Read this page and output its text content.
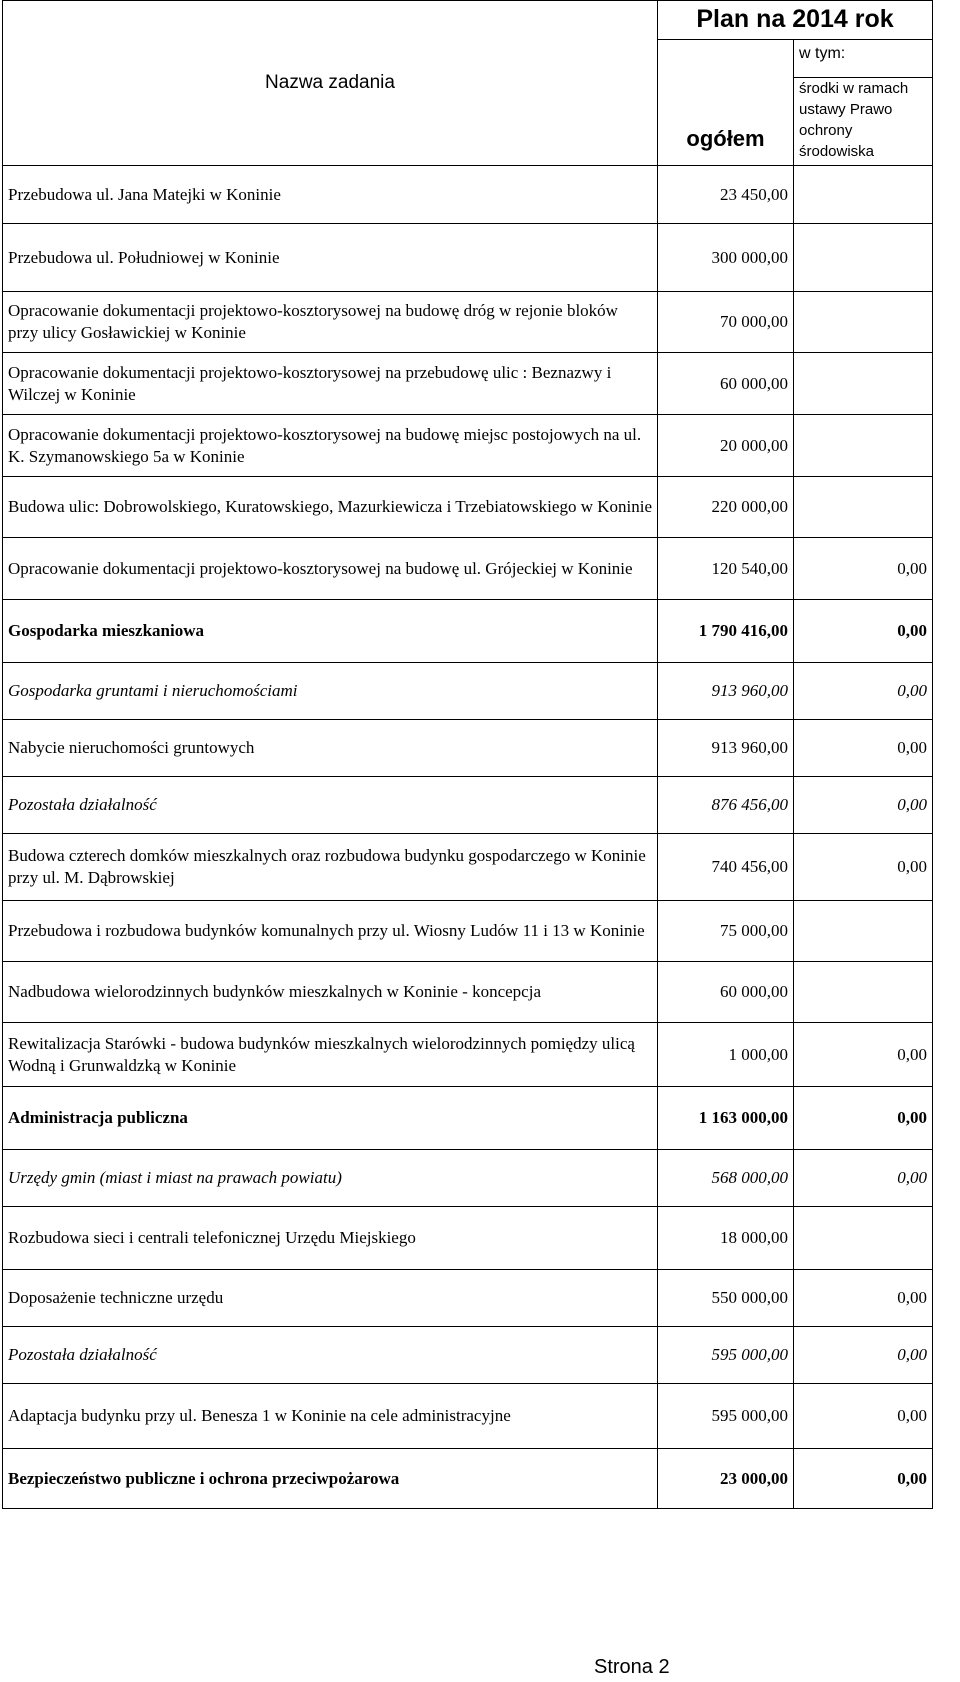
Nazwa zadania	Plan na 2014 rok	
	ogółem	w tym:

		środki w ramach
ustawy Prawo
ochrony środowiska

Przebudowa ul. Jana Matejki w Koninie	23 450,00	
Przebudowa ul. Południowej w Koninie	300 000,00	
Opracowanie dokumentacji projektowo-kosztorysowej na budowę dróg w rejonie bloków przy ulicy Gosławickiej w Koninie	70 000,00	
Opracowanie dokumentacji projektowo-kosztorysowej na przebudowę ulic : Beznazwy i Wilczej w Koninie	60 000,00	
Opracowanie dokumentacji projektowo-kosztorysowej na budowę miejsc postojowych na ul. K. Szymanowskiego 5a w Koninie	20 000,00	
Budowa ulic: Dobrowolskiego, Kuratowskiego, Mazurkiewicza i Trzebiatowskiego w Koninie	220 000,00	
Opracowanie dokumentacji projektowo-kosztorysowej na budowę ul. Grójeckiej w Koninie	120 540,00	0,00
Gospodarka mieszkaniowa	1 790 416,00	0,00
Gospodarka gruntami i nieruchomościami	913 960,00	0,00
Nabycie nieruchomości gruntowych	913 960,00	0,00
Pozostała działalność	876 456,00	0,00
Budowa czterech domków mieszkalnych oraz rozbudowa budynku gospodarczego w Koninie przy ul. M. Dąbrowskiej	740 456,00	0,00
Przebudowa i rozbudowa budynków komunalnych przy ul. Wiosny Ludów 11 i 13 w Koninie	75 000,00	
Nadbudowa wielorodzinnych budynków mieszkalnych w Koninie - koncepcja	60 000,00	
Rewitalizacja Starówki - budowa budynków mieszkalnych wielorodzinnych pomiędzy ulicą Wodną i Grunwaldzką w Koninie	1 000,00	0,00
Administracja publiczna	1 163 000,00	0,00
Urzędy gmin (miast i miast na prawach powiatu)	568 000,00	0,00
Rozbudowa sieci i centrali telefonicznej Urzędu Miejskiego	18 000,00	
Doposażenie techniczne urzędu	550 000,00	0,00
Pozostała działalność	595 000,00	0,00
Adaptacja budynku przy ul. Benesza 1 w Koninie na cele administracyjne	595 000,00	0,00
Bezpieczeństwo publiczne i ochrona przeciwpożarowa	23 000,00	0,00
Strona 2
